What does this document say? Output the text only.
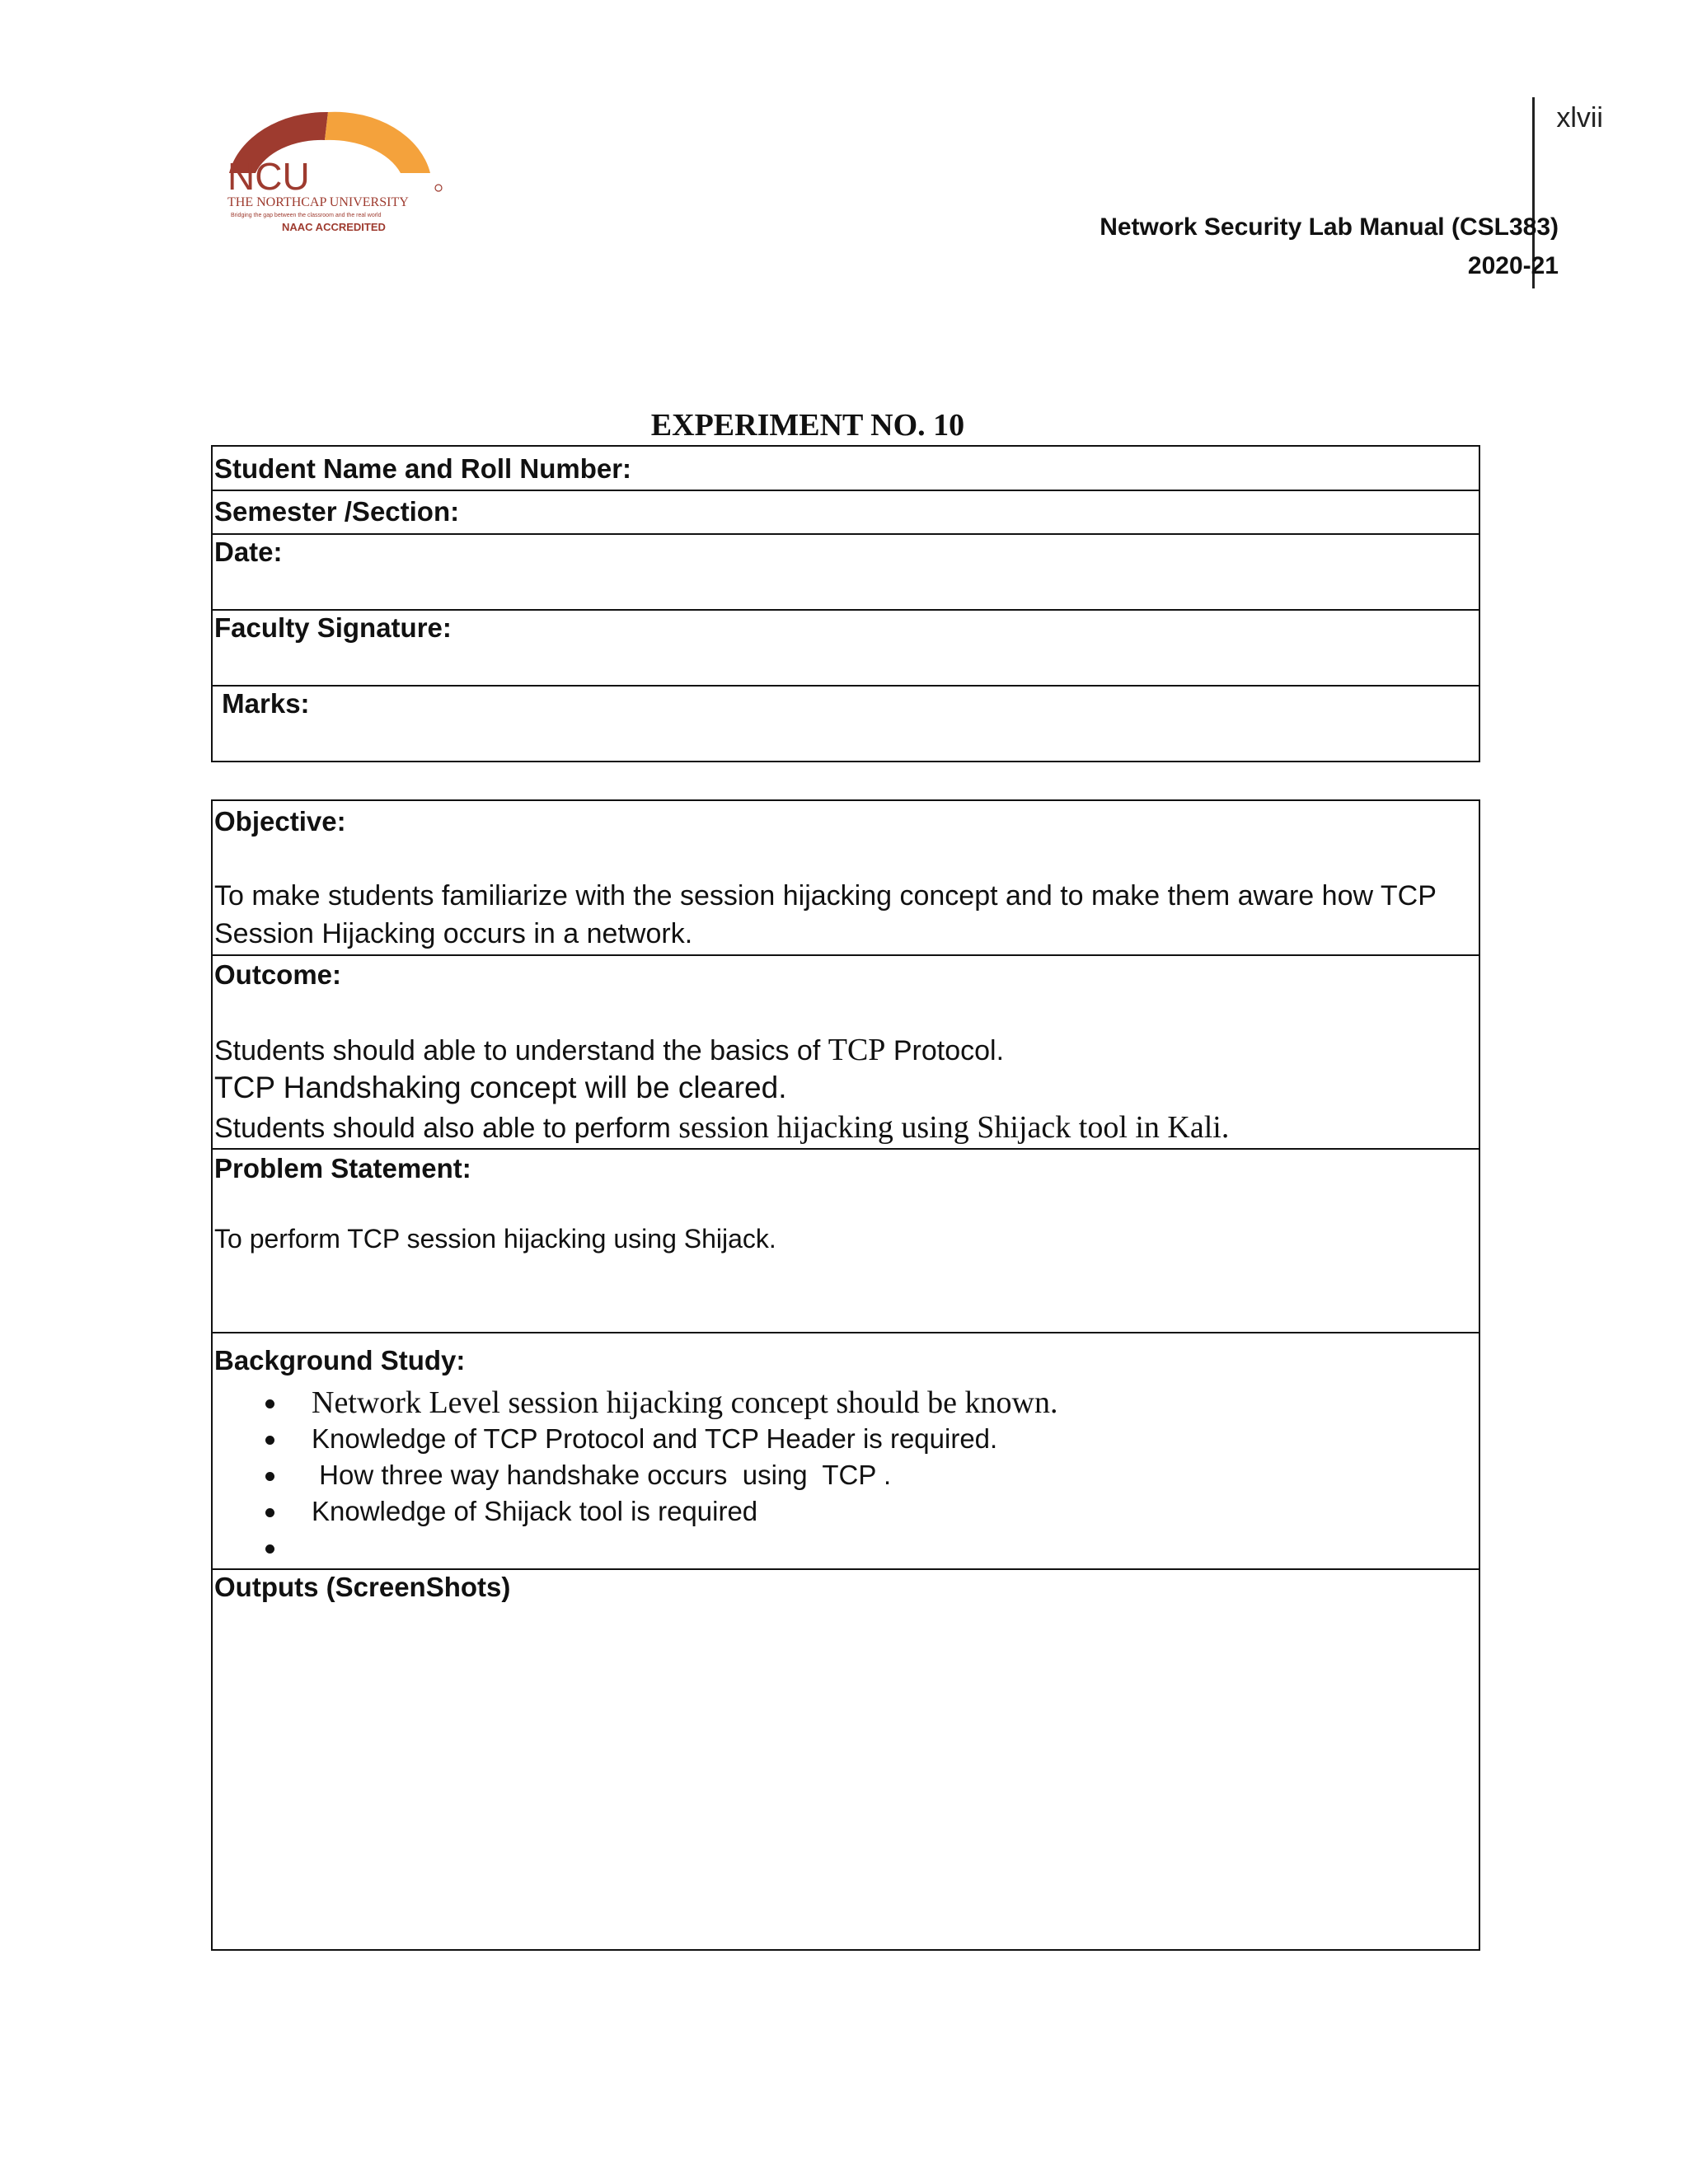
NCU
THE NORTHCAP UNIVERSITY
Bridging the gap between the classroom and the real world
NAAC ACCREDITED
xlvii
Network Security Lab Manual (CSL383)
2020-21
EXPERIMENT NO. 10
Student Name and Roll Number:
Semester /Section:
Date:
Faculty Signature:
Marks:
Objective:
To make students familiarize with the session hijacking concept and to make them aware how TCP
Session Hijacking occurs in a network.
Outcome:
Students should able to understand the basics of TCP Protocol.
TCP Handshaking concept will be cleared.
Students should also able to perform session hijacking using Shijack tool in Kali.
Problem Statement:
To perform TCP session hijacking using Shijack.
Background Study:
Network Level session hijacking concept should be known.
Knowledge of TCP Protocol and TCP Header is required.
How three way handshake occurs  using  TCP .
Knowledge of Shijack tool is required
Outputs (ScreenShots)
